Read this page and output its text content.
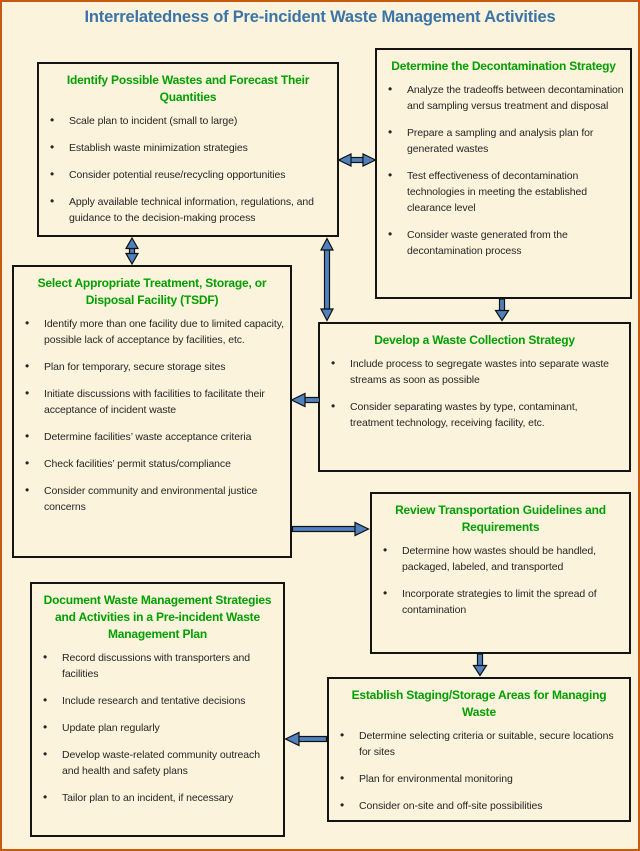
Interrelatedness of Pre-incident Waste Management Activities
Identify Possible Wastes and Forecast Their Quantities
• Scale plan to incident (small to large)
• Establish waste minimization strategies
• Consider potential reuse/recycling opportunities
• Apply available technical information, regulations, and guidance to the decision-making process
Determine the Decontamination Strategy
• Analyze the tradeoffs between decontamination and sampling versus treatment and disposal
• Prepare a sampling and analysis plan for generated wastes
• Test effectiveness of decontamination technologies in meeting the established clearance level
• Consider waste generated from the decontamination process
Select Appropriate Treatment, Storage, or Disposal Facility (TSDF)
• Identify more than one facility due to limited capacity, possible lack of acceptance by facilities, etc.
• Plan for temporary, secure storage sites
• Initiate discussions with facilities to facilitate their acceptance of incident waste
• Determine facilities’ waste acceptance criteria
• Check facilities’ permit status/compliance
• Consider community and environmental justice concerns
Develop a Waste Collection Strategy
• Include process to segregate wastes into separate waste streams as soon as possible
• Consider separating wastes by type, contaminant, treatment technology, receiving facility, etc.
Review Transportation Guidelines and Requirements
• Determine how wastes should be handled, packaged, labeled, and transported
• Incorporate strategies to limit the spread of contamination
Document Waste Management Strategies and Activities in a Pre-incident Waste Management Plan
• Record discussions with transporters and facilities
• Include research and tentative decisions
• Update plan regularly
• Develop waste-related community outreach and health and safety plans
• Tailor plan to an incident, if necessary
Establish Staging/Storage Areas for Managing Waste
• Determine selecting criteria or suitable, secure locations for sites
• Plan for environmental monitoring
• Consider on-site and off-site possibilities
